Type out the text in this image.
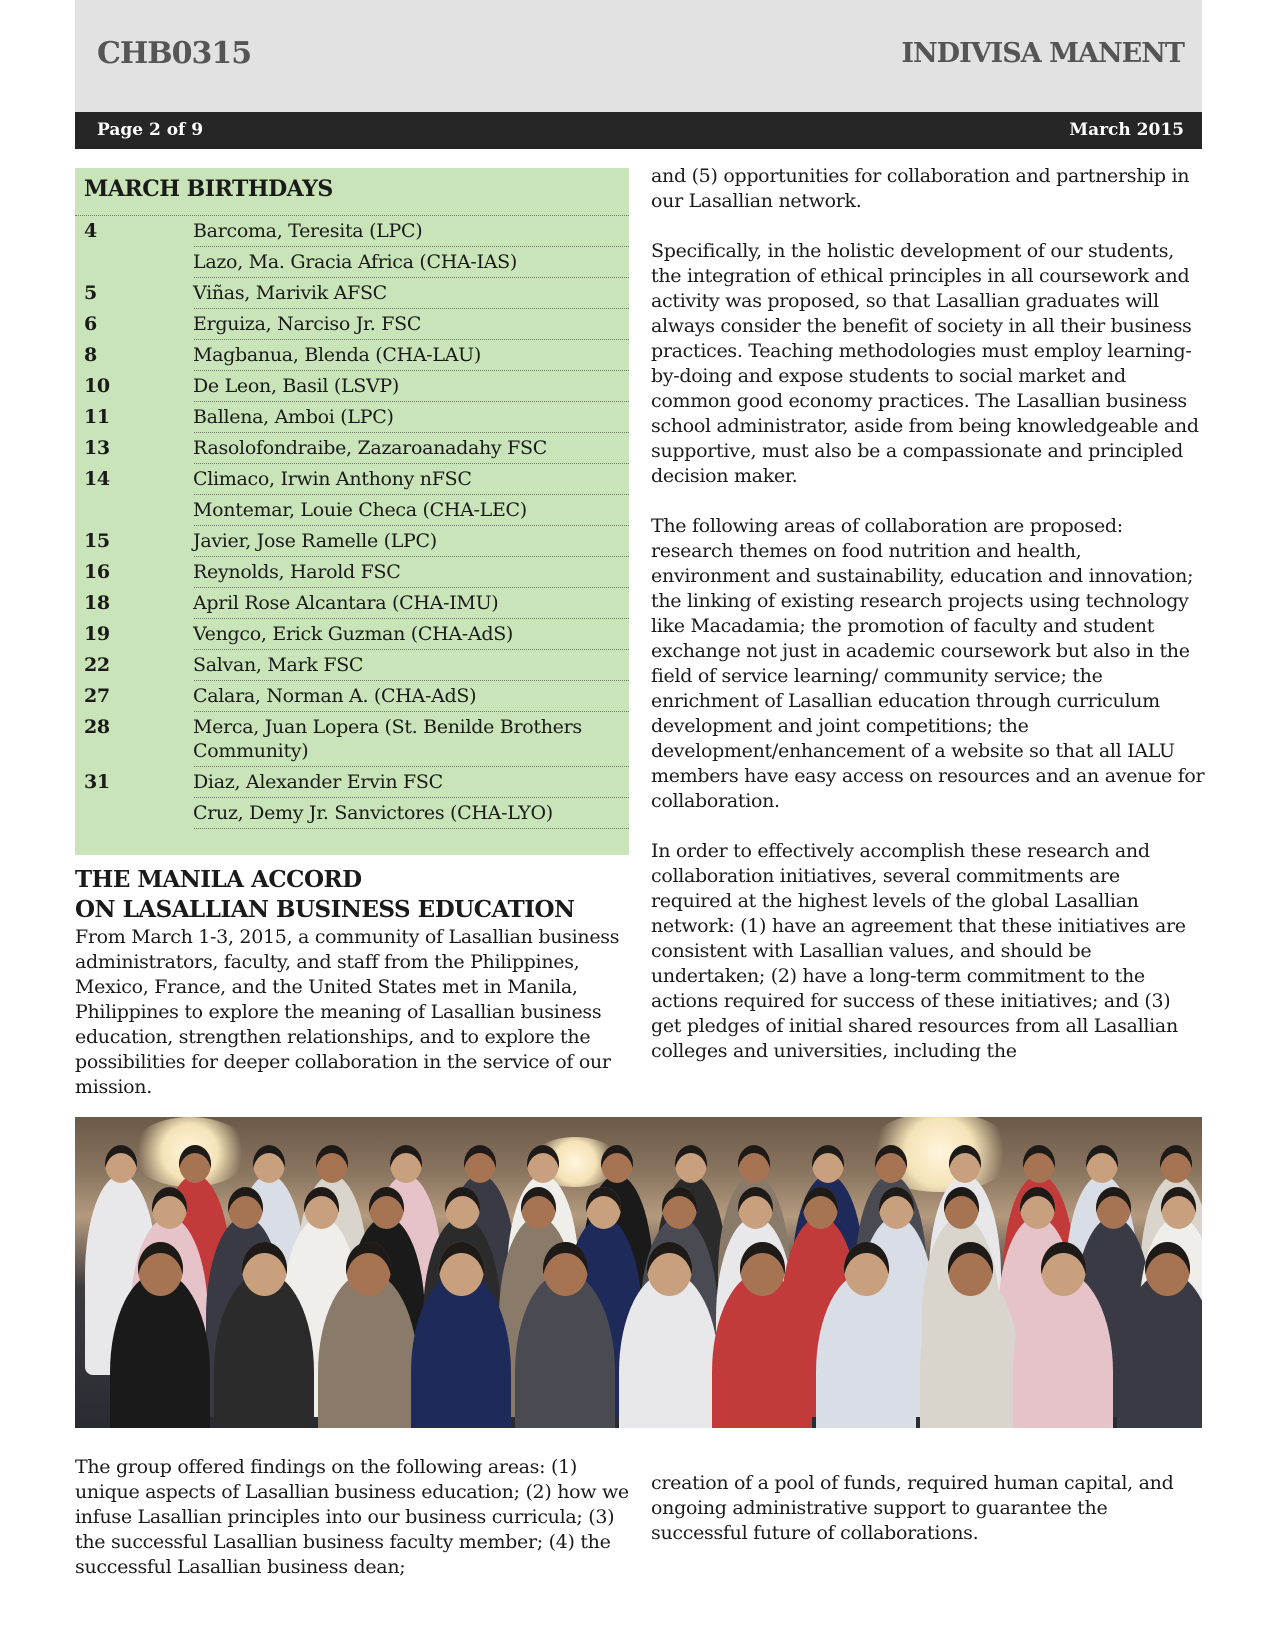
CHB0315	INDIVISA MANENT
Page 2 of 9	March 2015
MARCH BIRTHDAYS
4	Barcoma, Teresita (LPC)
Lazo, Ma. Gracia Africa (CHA-IAS)
5	Viñas, Marivik AFSC
6	Erguiza, Narciso Jr. FSC
8	Magbanua, Blenda (CHA-LAU)
10	De Leon, Basil (LSVP)
11	Ballena, Amboi (LPC)
13	Rasolofondraibe, Zazaroanadahy FSC
14	Climaco, Irwin Anthony nFSC
Montemar, Louie Checa (CHA-LEC)
15	Javier, Jose Ramelle (LPC)
16	Reynolds, Harold FSC
18	April Rose Alcantara (CHA-IMU)
19	Vengco, Erick Guzman (CHA-AdS)
22	Salvan, Mark FSC
27	Calara, Norman A. (CHA-AdS)
28	Merca, Juan Lopera (St. Benilde Brothers Community)
31	Diaz, Alexander Ervin FSC
Cruz, Demy Jr. Sanvictores (CHA-LYO)
THE MANILA ACCORD
ON LASALLIAN BUSINESS EDUCATION

From March 1-3, 2015, a community of Lasallian business administrators, faculty, and staff from the Philippines, Mexico, France, and the United States met in Manila, Philippines to explore the meaning of Lasallian business education, strengthen relationships, and to explore the possibilities for deeper collaboration in the service of our mission.

and (5) opportunities for collaboration and partnership in our Lasallian network.

Specifically, in the holistic development of our students, the integration of ethical principles in all coursework and activity was proposed, so that Lasallian graduates will always consider the benefit of society in all their business practices. Teaching methodologies must employ learning-by-doing and expose students to social market and common good economy practices. The Lasallian business school administrator, aside from being knowledgeable and supportive, must also be a compassionate and principled decision maker.

The following areas of collaboration are proposed: research themes on food nutrition and health, environment and sustainability, education and innovation; the linking of existing research projects using technology like Macadamia; the promotion of faculty and student exchange not just in academic coursework but also in the field of service learning/ community service; the enrichment of Lasallian education through curriculum development and joint competitions; the development/enhancement of a website so that all IALU members have easy access on resources and an avenue for collaboration.

In order to effectively accomplish these research and collaboration initiatives, several commitments are required at the highest levels of the global Lasallian network: (1) have an agreement that these initiatives are consistent with Lasallian values, and should be undertaken; (2) have a long-term commitment to the actions required for success of these initiatives; and (3) get pledges of initial shared resources from all Lasallian colleges and universities, including the

The group offered findings on the following areas: (1) unique aspects of Lasallian business education; (2) how we infuse Lasallian principles into our business curricula; (3) the successful Lasallian business faculty member; (4) the successful Lasallian business dean;

creation of a pool of funds, required human capital, and ongoing administrative support to guarantee the successful future of collaborations.
